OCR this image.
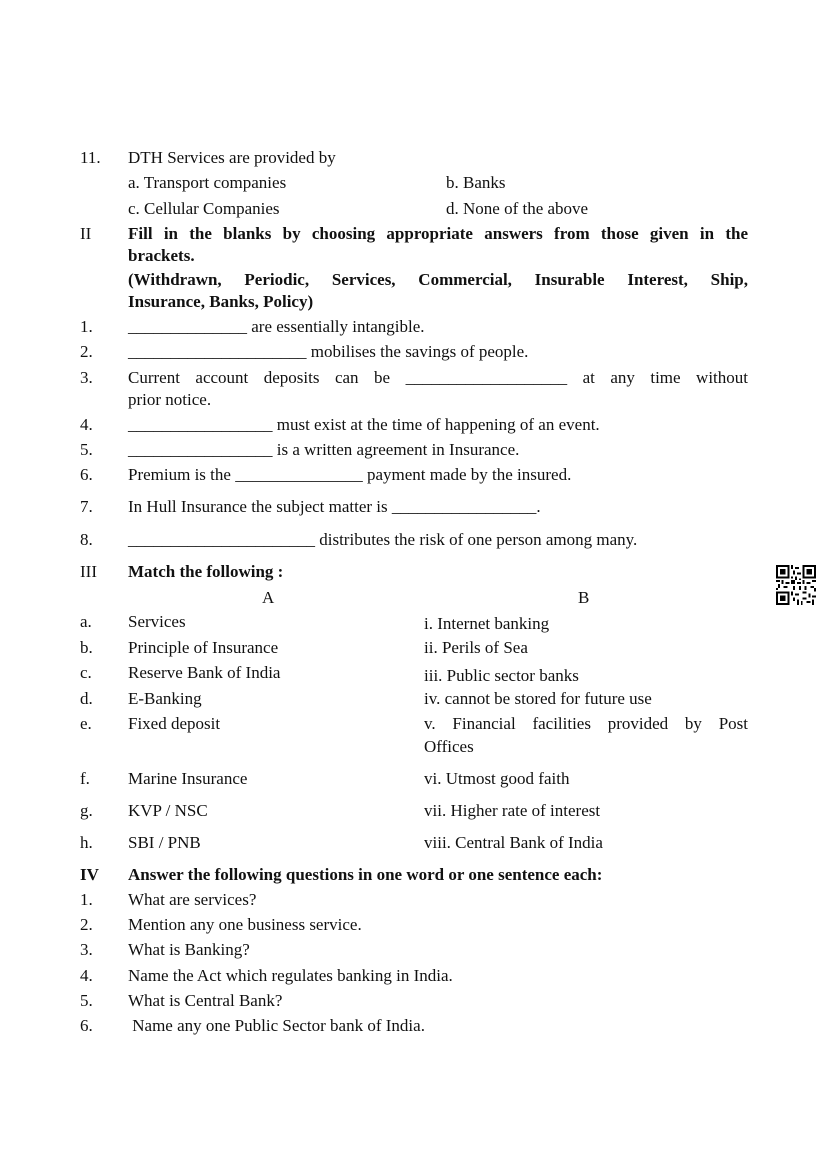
11. DTH Services are provided by
a. Transport companies	b. Banks
c. Cellular Companies	d. None of the above
II Fill in the blanks by choosing appropriate answers from those given in the
brackets.
(Withdrawn, Periodic, Services, Commercial, Insurable Interest, Ship,
Insurance, Banks, Policy)
1. ______________ are essentially intangible.
2. _____________________ mobilises the savings of people.
3. Current account deposits can be ___________________ at any time without
prior notice.
4. _________________ must exist at the time of happening of an event.
5. _________________ is a written agreement in Insurance.
6. Premium is the _______________ payment made by the insured.
7. In Hull Insurance the subject matter is _________________.
8. ______________________ distributes the risk of one person among many.
III Match the following :
A	B
a. Services	i. Internet banking
b. Principle of Insurance	ii. Perils of Sea
c. Reserve Bank of India	iii. Public sector banks
d. E-Banking	iv. cannot be stored for future use
e. Fixed deposit	v. Financial facilities provided by Post
Offices
f. Marine Insurance	vi. Utmost good faith
g. KVP / NSC	vii. Higher rate of interest
h. SBI / PNB	viii. Central Bank of India
IV Answer the following questions in one word or one sentence each:
1. What are services?
2. Mention any one business service.
3. What is Banking?
4. Name the Act which regulates banking in India.
5. What is Central Bank?
6. Name any one Public Sector bank of India.
